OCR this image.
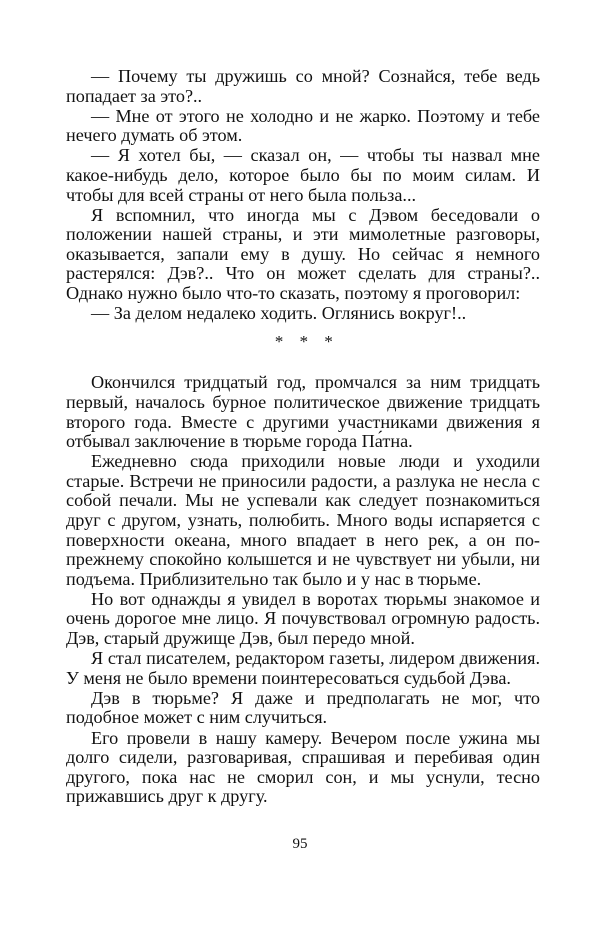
— Почему ты дружишь со мной? Сознайся, тебе ведь попадает за это?..

— Мне от этого не холодно и не жарко. Поэтому и тебе нечего думать об этом.

— Я хотел бы, — сказал он, — чтобы ты назвал мне какое-нибудь дело, которое было бы по моим силам. И чтобы для всей страны от него была польза...

Я вспомнил, что иногда мы с Дэвом беседовали о положении нашей страны, и эти мимолетные разговоры, оказывается, запали ему в душу. Но сейчас я немного растерялся: Дэв?.. Что он может сделать для страны?.. Однако нужно было что-то сказать, поэтому я проговорил:

— За делом недалеко ходить. Оглянись вокруг!..

* * *

Окончился тридцатый год, промчался за ним тридцать первый, началось бурное политическое движение тридцать второго года. Вместе с другими участниками движения я отбывал заключение в тюрьме города Па́тна.

Ежедневно сюда приходили новые люди и уходили старые. Встречи не приносили радости, а разлука не несла с собой печали. Мы не успевали как следует познакомиться друг с другом, узнать, полюбить. Много воды испаряется с поверхности океана, много впадает в него рек, а он по-прежнему спокойно колышется и не чувствует ни убыли, ни подъема. Приблизительно так было и у нас в тюрьме.

Но вот однажды я увидел в воротах тюрьмы знакомое и очень дорогое мне лицо. Я почувствовал огромную радость. Дэв, старый дружище Дэв, был передо мной.

Я стал писателем, редактором газеты, лидером движения. У меня не было времени поинтересоваться судьбой Дэва.

Дэв в тюрьме? Я даже и предполагать не мог, что подобное может с ним случиться.

Его провели в нашу камеру. Вечером после ужина мы долго сидели, разговаривая, спрашивая и перебивая один другого, пока нас не сморил сон, и мы уснули, тесно прижавшись друг к другу.

95
